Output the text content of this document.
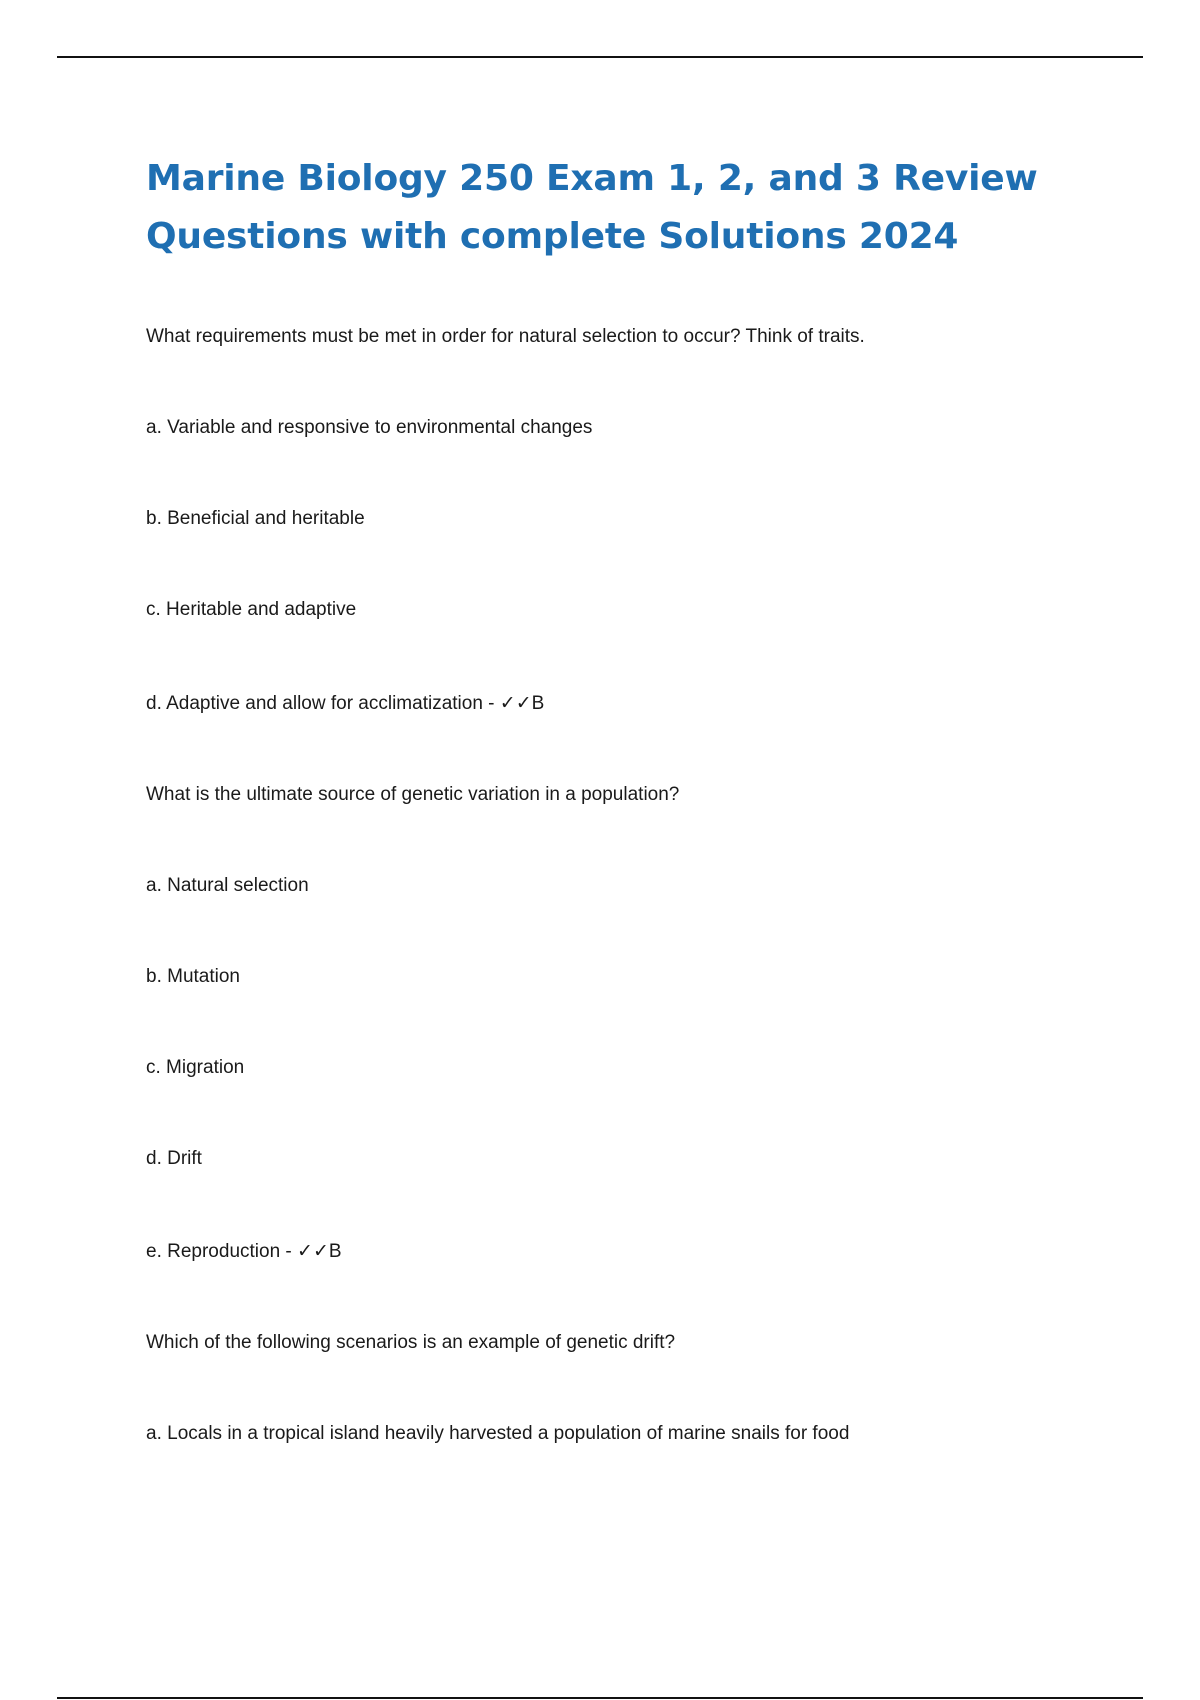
Marine Biology 250 Exam 1, 2, and 3 Review Questions with complete Solutions 2024
What requirements must be met in order for natural selection to occur? Think of traits.
a. Variable and responsive to environmental changes
b. Beneficial and heritable
c. Heritable and adaptive
d. Adaptive and allow for acclimatization - ✓✓B
What is the ultimate source of genetic variation in a population?
a. Natural selection
b. Mutation
c. Migration
d. Drift
e. Reproduction - ✓✓B
Which of the following scenarios is an example of genetic drift?
a. Locals in a tropical island heavily harvested a population of marine snails for food
